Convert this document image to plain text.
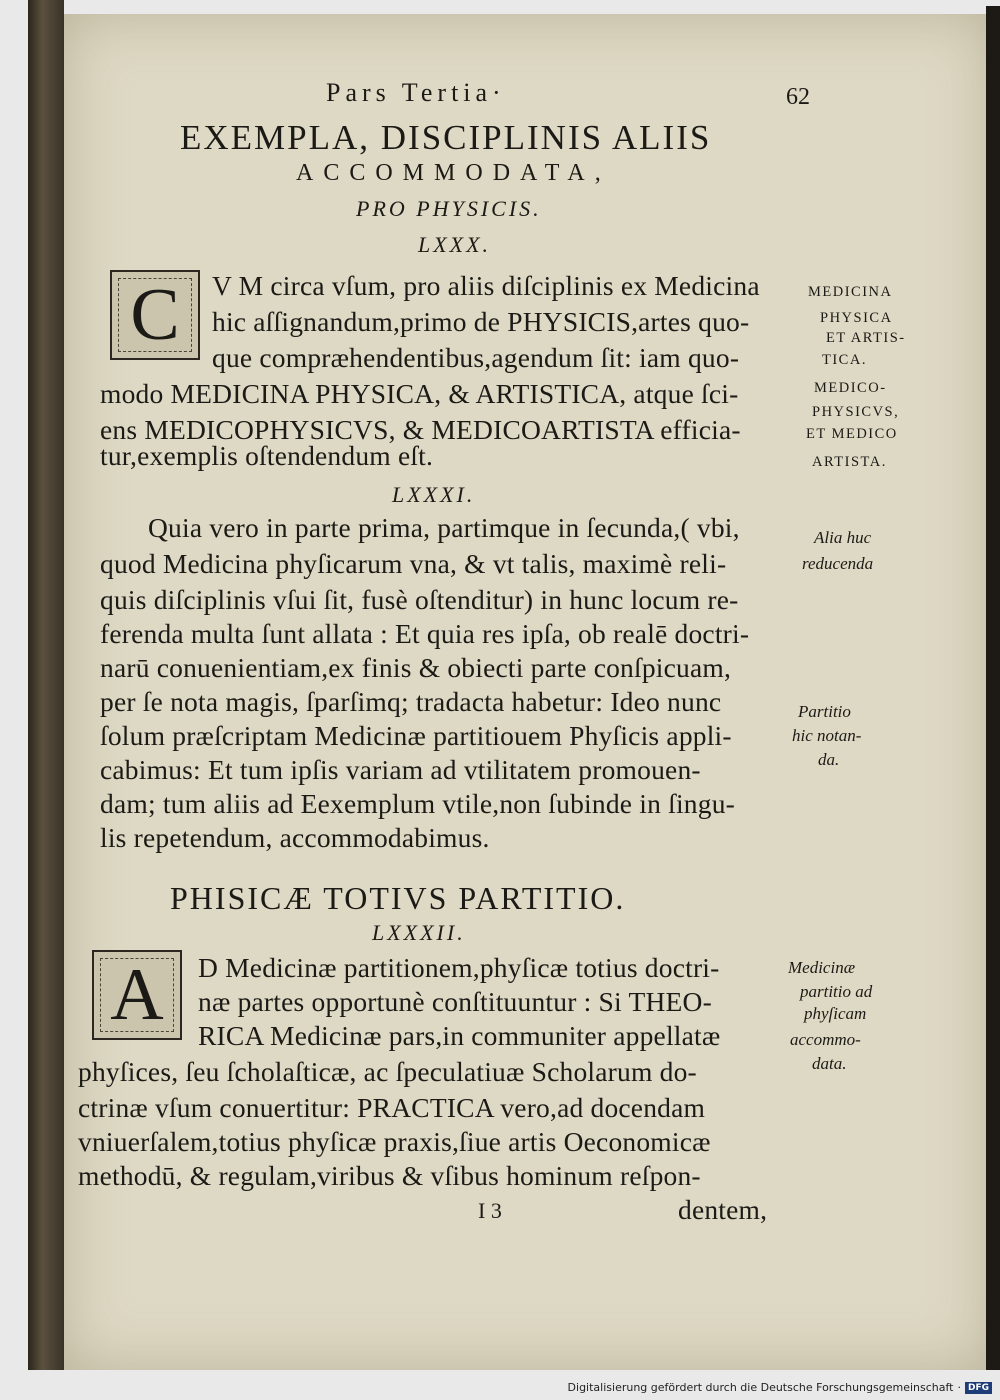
Pars Tertia·	62
EXEMPLA, DISCIPLINIS ALIIS
ACCOMMODATA,
PRO PHYSICIS.
LXXX.
C V M circa vſum, pro aliis diſciplinis ex Medicina
hic aſſignandum,primo de PHYSICIS,artes quo-
que compræhendentibus,agendum ſit: iam quo-
modo MEDICINA PHYSICA, & ARTISTICA, atque ſci-
ens MEDICOPHYSICVS, & MEDICOARTISTA efficia-
tur,exemplis oſtendendum eſt.
MEDICINA
PHYSICA
ET ARTIS-
TICA.
MEDICO-
PHYSICVS,
ET MEDICO
ARTISTA.
LXXXI.
Quia vero in parte prima, partimque in ſecunda,( vbi,
quod Medicina phyſicarum vna, & vt talis, maximè reli-
quis diſciplinis vſui ſit, fusè oſtenditur) in hunc locum re-
ferenda multa ſunt allata : Et quia res ipſa, ob realē doctri-
narū conuenientiam,ex finis & obiecti parte conſpicuam,
per ſe nota magis, ſparſimq; tradacta habetur: Ideo nunc
ſolum præſcriptam Medicinæ partitiouem Phyſicis appli-
cabimus: Et tum ipſis variam ad vtilitatem promouen-
dam; tum aliis ad Eexemplum vtile,non ſubinde in ſingu-
lis repetendum, accommodabimus.
Alia huc
reducenda
Partitio
hic notan-
da.
PHISICÆ TOTIVS PARTITIO.
LXXXII.
A D Medicinæ partitionem,phyſicæ totius doctri-
næ partes opportunè conſtituuntur : Si THEO-
RICA Medicinæ pars,in communiter appellatæ
phyſices, ſeu ſcholaſticæ, ac ſpeculatiuæ Scholarum do-
ctrinæ vſum conuertitur: PRACTICA vero,ad docendam
vniuerſalem,totius phyſicæ praxis,ſiue artis Oeconomicæ
methodū, & regulam,viribus & vſibus hominum reſpon-
Medicinæ
partitio ad
phyſicam
accommo-
data.
I 3	dentem,
Digitalisierung gefördert durch die Deutsche Forschungsgemeinschaft · DFG
